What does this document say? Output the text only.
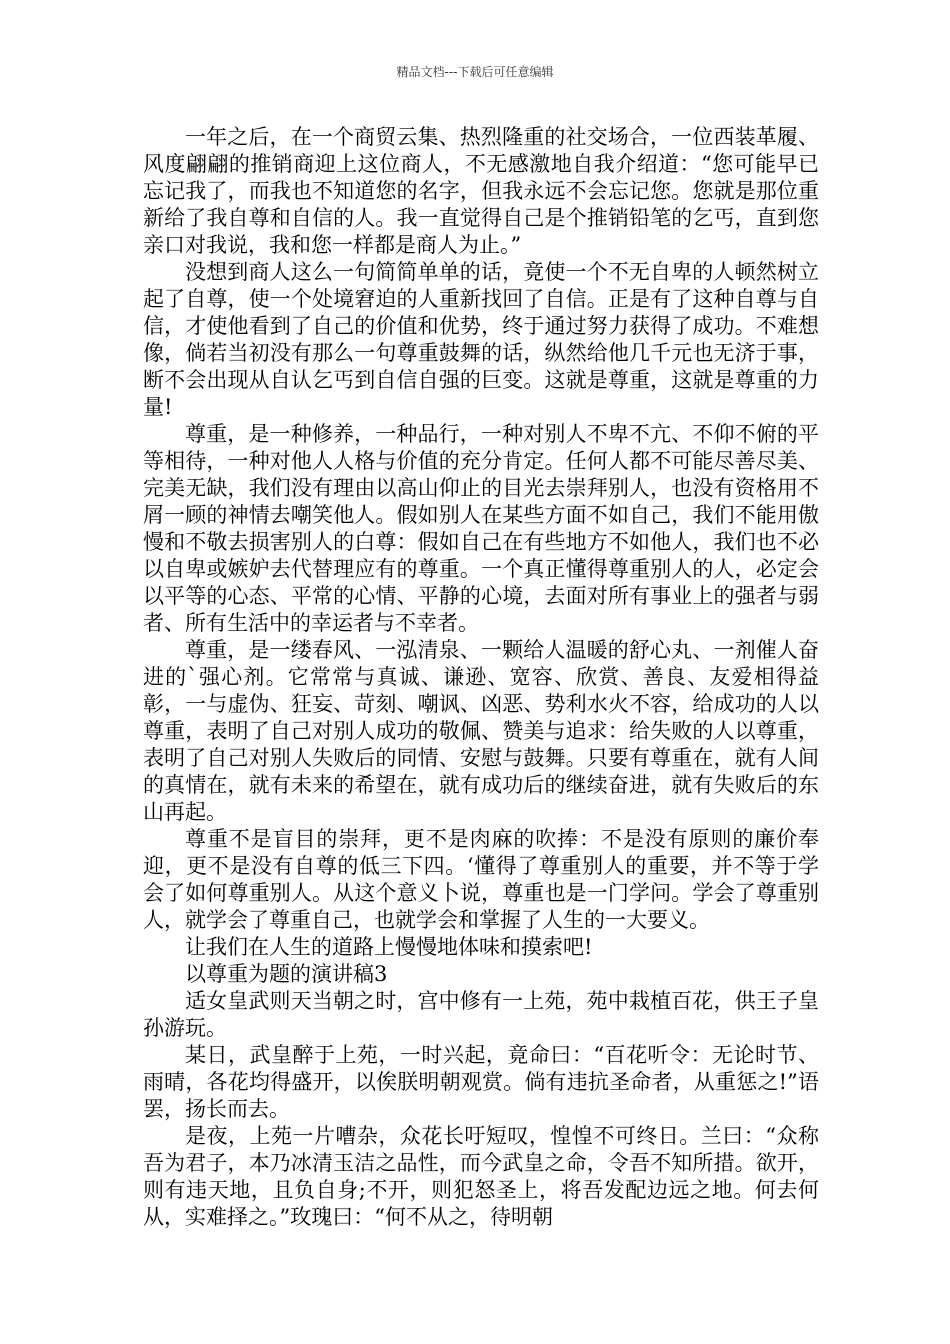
精品文档---下载后可任意编辑

一年之后，在一个商贸云集、热烈隆重的社交场合，一位西装革履、风度翩翩的推销商迎上这位商人，不无感激地自我介绍道：“您可能早已忘记我了，而我也不知道您的名字，但我永远不会忘记您。您就是那位重新给了我自尊和自信的人。我一直觉得自己是个推销铅笔的乞丐，直到您亲口对我说，我和您一样都是商人为止。”

没想到商人这么一句简简单单的话，竟使一个不无自卑的人顿然树立起了自尊，使一个处境窘迫的人重新找回了自信。正是有了这种自尊与自信，才使他看到了自己的价值和优势，终于通过努力获得了成功。不难想像，倘若当初没有那么一句尊重鼓舞的话，纵然给他几千元也无济于事，断不会出现从自认乞丐到自信自强的巨变。这就是尊重，这就是尊重的力量!

尊重，是一种修养，一种品行，一种对别人不卑不亢、不仰不俯的平等相待，一种对他人人格与价值的充分肯定。任何人都不可能尽善尽美、完美无缺，我们没有理由以高山仰止的目光去崇拜别人，也没有资格用不屑一顾的神情去嘲笑他人。假如别人在某些方面不如自己，我们不能用傲慢和不敬去损害别人的白尊：假如自己在有些地方不如他人，我们也不必以自卑或嫉妒去代替理应有的尊重。一个真正懂得尊重别人的人，必定会以平等的心态、平常的心情、平静的心境，去面对所有事业上的强者与弱者、所有生活中的幸运者与不幸者。

尊重，是一缕春风、一泓清泉、一颗给人温暖的舒心丸、一剂催人奋进的`强心剂。它常常与真诚、谦逊、宽容、欣赏、善良、友爱相得益彰，一与虚伪、狂妄、苛刻、嘲讽、凶恶、势利水火不容，给成功的人以尊重，表明了自己对别人成功的敬佩、赞美与追求：给失败的人以尊重，表明了自己对别人失败后的同情、安慰与鼓舞。只要有尊重在，就有人间的真情在，就有未来的希望在，就有成功后的继续奋进，就有失败后的东山再起。

尊重不是盲目的崇拜，更不是肉麻的吹捧：不是没有原则的廉价奉迎，更不是没有自尊的低三下四。‘懂得了尊重别人的重要，并不等于学会了如何尊重别人。从这个意义卜说，尊重也是一门学问。学会了尊重别人，就学会了尊重自己，也就学会和掌握了人生的一大要义。

让我们在人生的道路上慢慢地体味和摸索吧!

以尊重为题的演讲稿3

适女皇武则天当朝之时，宫中修有一上苑，苑中栽植百花，供王子皇孙游玩。

某日，武皇醉于上苑，一时兴起，竟命曰：“百花听令：无论时节、雨晴，各花均得盛开，以俟朕明朝观赏。倘有违抗圣命者，从重惩之!”语罢，扬长而去。

是夜，上苑一片嘈杂，众花长吁短叹，惶惶不可终日。兰曰：“众称吾为君子，本乃冰清玉洁之品性，而今武皇之命，令吾不知所措。欲开，则有违天地，且负自身;不开，则犯怒圣上，将吾发配边远之地。何去何从，实难择之。”玫瑰曰：“何不从之，待明朝
